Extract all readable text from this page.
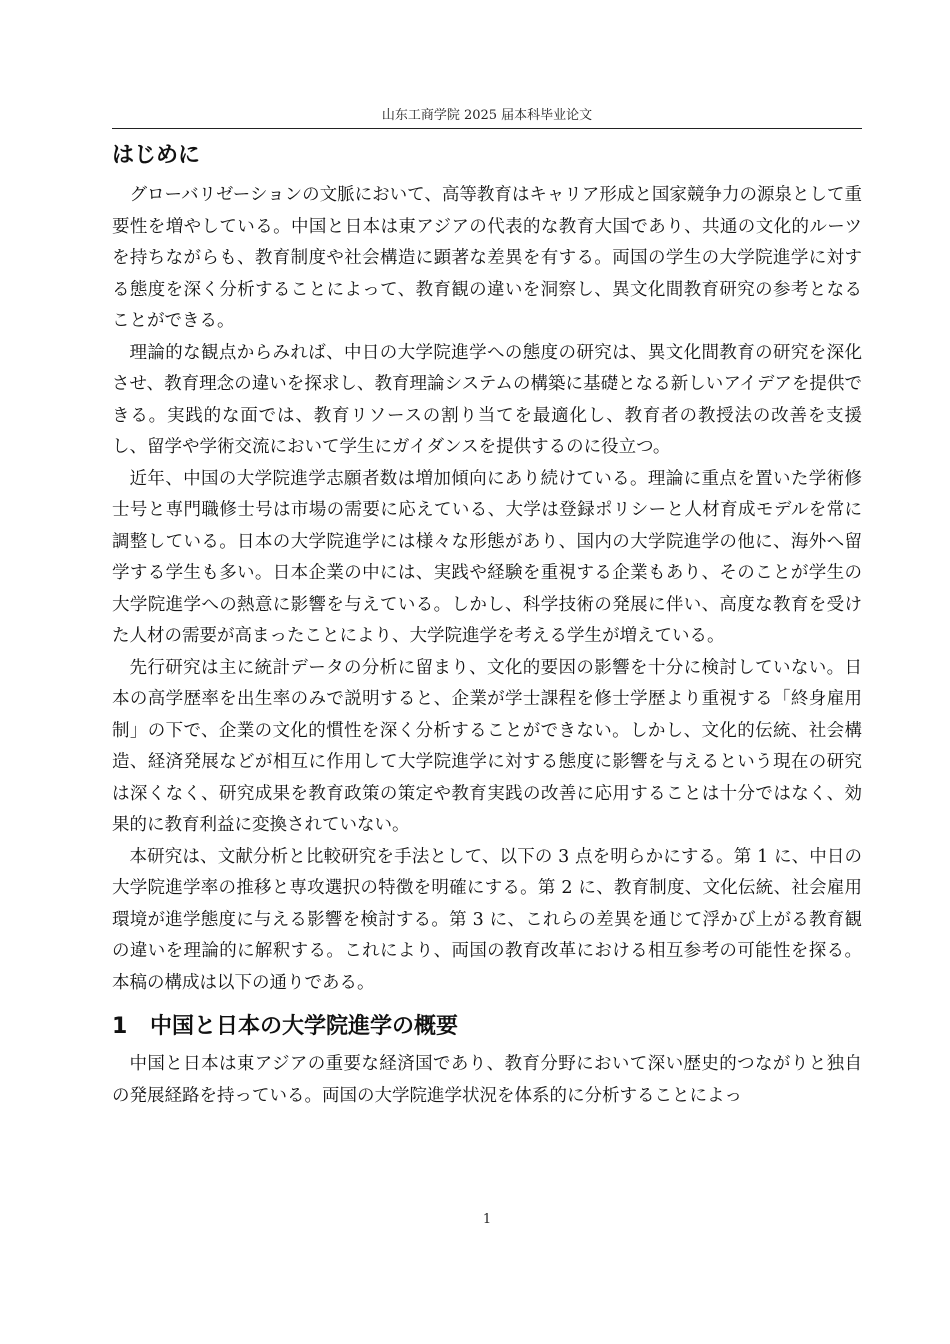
山东工商学院 2025 届本科毕业论文
はじめに

グローバリゼーションの文脈において、高等教育はキャリア形成と国家競争力の源泉として重要性を増やしている。中国と日本は東アジアの代表的な教育大国であり、共通の文化的ルーツを持ちながらも、教育制度や社会構造に顕著な差異を有する。両国の学生の大学院進学に対する態度を深く分析することによって、教育観の違いを洞察し、異文化間教育研究の参考となることができる。

理論的な観点からみれば、中日の大学院進学への態度の研究は、異文化間教育の研究を深化させ、教育理念の違いを探求し、教育理論システムの構築に基礎となる新しいアイデアを提供できる。実践的な面では、教育リソースの割り当てを最適化し、教育者の教授法の改善を支援し、留学や学術交流において学生にガイダンスを提供するのに役立つ。

近年、中国の大学院進学志願者数は増加傾向にあり続けている。理論に重点を置いた学術修士号と専門職修士号は市場の需要に応えている、大学は登録ポリシーと人材育成モデルを常に調整している。日本の大学院進学には様々な形態があり、国内の大学院進学の他に、海外へ留学する学生も多い。日本企業の中には、実践や経験を重視する企業もあり、そのことが学生の大学院進学への熱意に影響を与えている。しかし、科学技術の発展に伴い、高度な教育を受けた人材の需要が高まったことにより、大学院進学を考える学生が増えている。

先行研究は主に統計データの分析に留まり、文化的要因の影響を十分に検討していない。日本の高学歴率を出生率のみで説明すると、企業が学士課程を修士学歴より重視する「終身雇用制」の下で、企業の文化的慣性を深く分析することができない。しかし、文化的伝統、社会構造、経済発展などが相互に作用して大学院進学に対する態度に影響を与えるという現在の研究は深くなく、研究成果を教育政策の策定や教育実践の改善に応用することは十分ではなく、効果的に教育利益に変換されていない。

本研究は、文献分析と比較研究を手法として、以下の 3 点を明らかにする。第 1 に、中日の大学院進学率の推移と専攻選択の特徴を明確にする。第 2 に、教育制度、文化伝統、社会雇用環境が進学態度に与える影響を検討する。第 3 に、これらの差異を通じて浮かび上がる教育観の違いを理論的に解釈する。これにより、両国の教育改革における相互参考の可能性を探る。本稿の構成は以下の通りである。

1 中国と日本の大学院進学の概要

中国と日本は東アジアの重要な経済国であり、教育分野において深い歴史的つながりと独自の発展経路を持っている。両国の大学院進学状況を体系的に分析することによっ

1
